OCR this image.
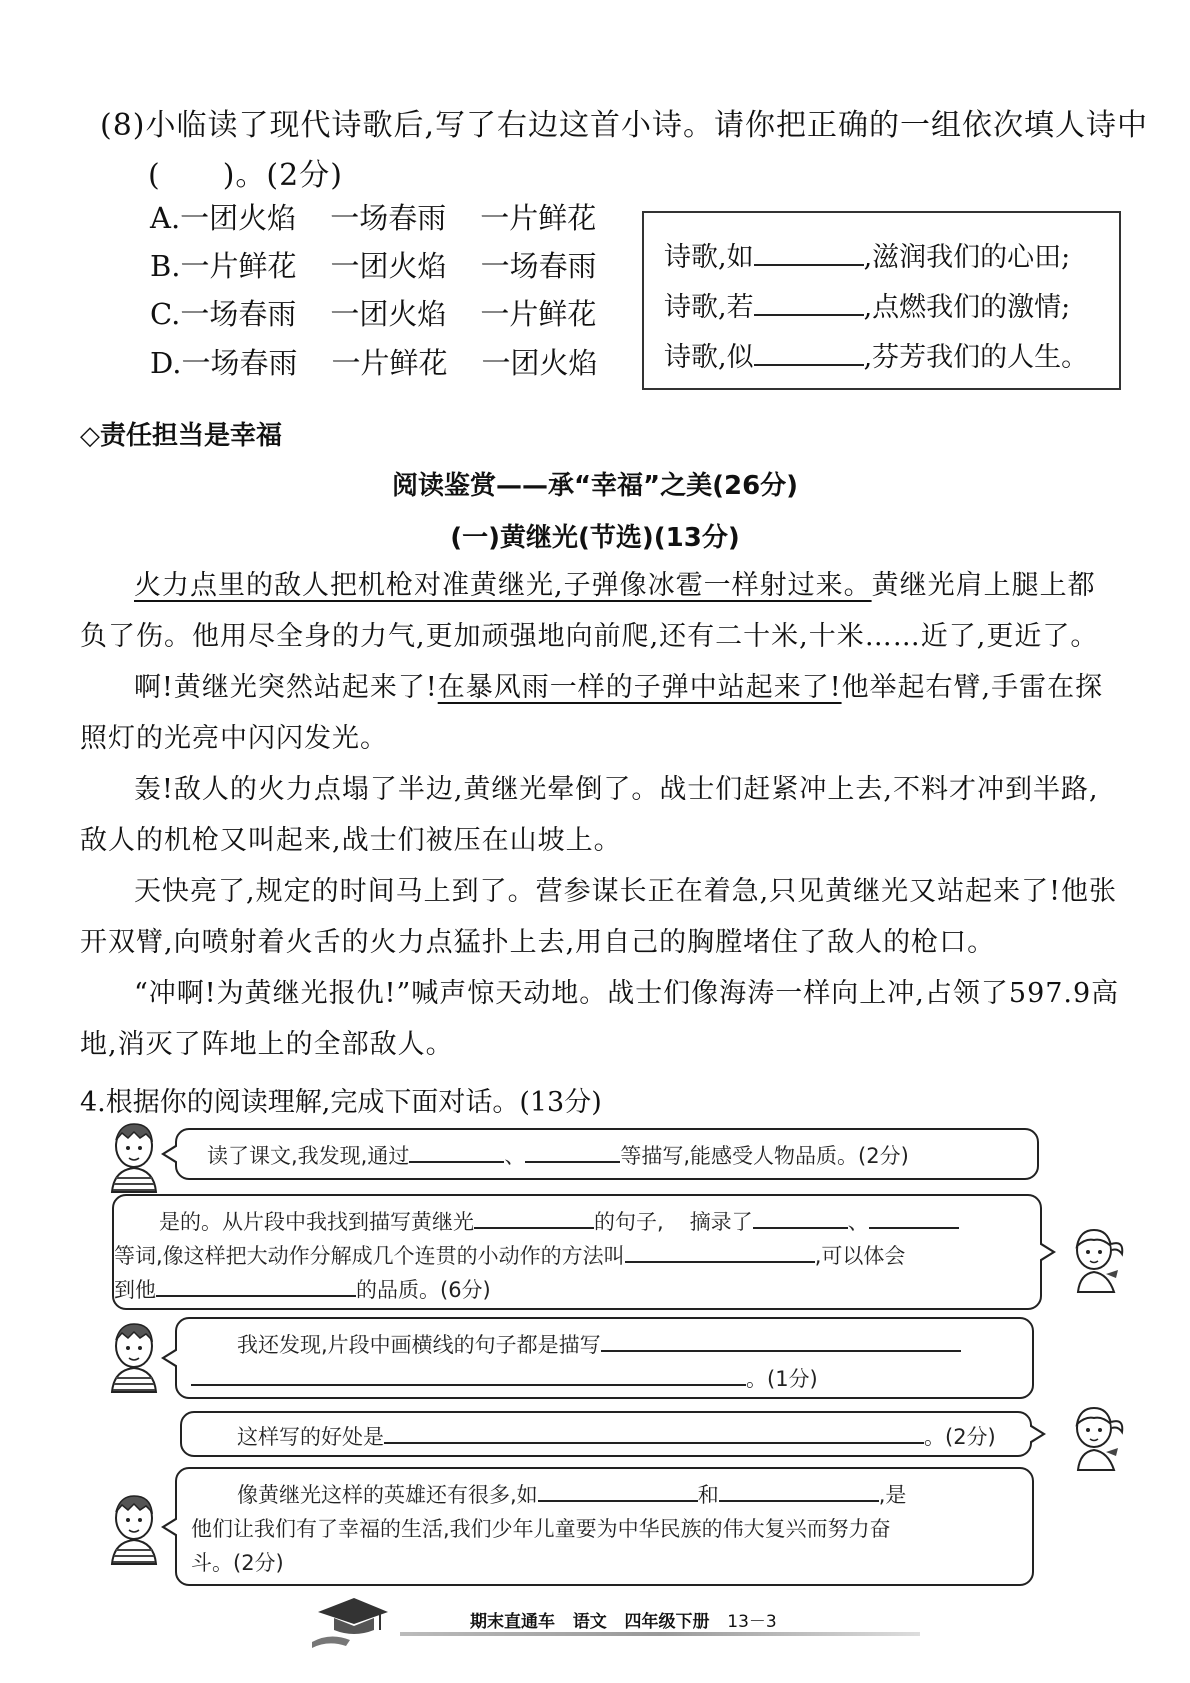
(8)小临读了现代诗歌后,写了右边这首小诗。请你把正确的一组依次填人诗中
(　　)。(2分)
A.一团火焰 一场春雨 一片鲜花
B.一片鲜花 一团火焰 一场春雨
C.一场春雨 一团火焰 一片鲜花
D.一场春雨 一片鲜花 一团火焰
诗歌,如	,滋润我们的心田;
诗歌,若	,点燃我们的激情;
诗歌,似	,芬芳我们的人生。
◇责任担当是幸福
阅读鉴赏——承“幸福”之美(26分)
(一)黄继光(节选)(13分)
火力点里的敌人把机枪对准黄继光,子弹像冰雹一样射过来。黄继光肩上腿上都负了伤。他用尽全身的力气,更加顽强地向前爬,还有二十米,十米……近了,更近了。
啊!黄继光突然站起来了!在暴风雨一样的子弹中站起来了!他举起右臂,手雷在探照灯的光亮中闪闪发光。
轰!敌人的火力点塌了半边,黄继光晕倒了。战士们赶紧冲上去,不料才冲到半路,敌人的机枪又叫起来,战士们被压在山坡上。
天快亮了,规定的时间马上到了。营参谋长正在着急,只见黄继光又站起来了!他张开双臂,向喷射着火舌的火力点猛扑上去,用自己的胸膛堵住了敌人的枪口。
“冲啊!为黄继光报仇!”喊声惊天动地。战士们像海涛一样向上冲,占领了597.9高地,消灭了阵地上的全部敌人。
4.根据你的阅读理解,完成下面对话。(13分)
读了课文,我发现,通过	、	等描写,能感受人物品质。(2分)
是的。从片段中我找到描写黄继光	的句子, 摘录了	、
等词,像这样把大动作分解成几个连贯的小动作的方法叫	,可以体会
到他	的品质。(6分)
我还发现,片段中画横线的句子都是描写
。(1分)
这样写的好处是	。(2分)
像黄继光这样的英雄还有很多,如	和	,是
他们让我们有了幸福的生活,我们少年儿童要为中华民族的伟大复兴而努力奋
斗。(2分)
期末直通车 语文 四年级下册 13－3
